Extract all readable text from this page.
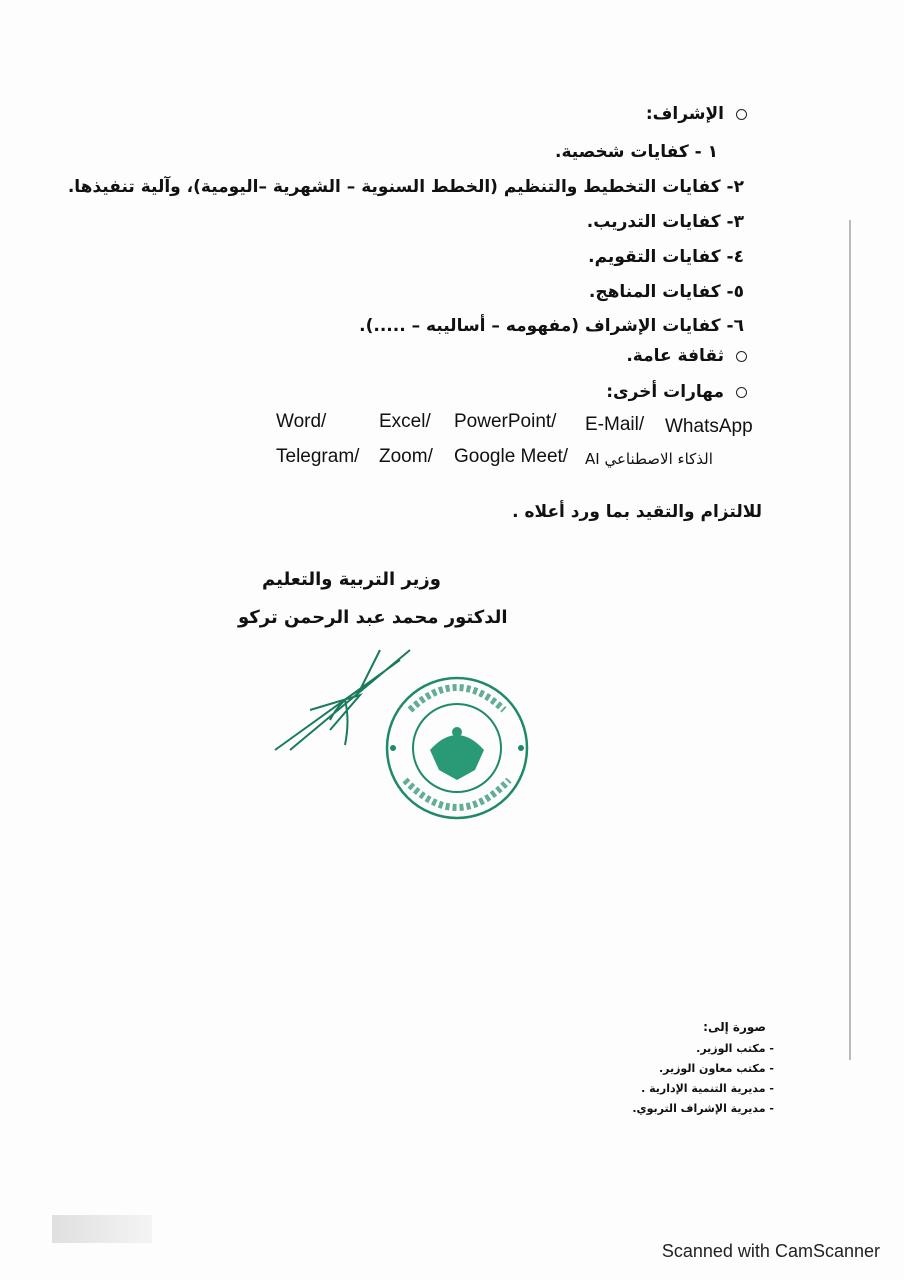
الإشراف:
١ - كفايات شخصية.
٢- كفايات التخطيط والتنظيم (الخطط السنوية – الشهرية –اليومية)، وآلية تنفيذها.
٣- كفايات التدريب.
٤- كفايات التقويم.
٥- كفايات المناهج.
٦- كفايات الإشراف (مفهومه – أساليبه – .....).
ثقافة عامة.
مهارات أخرى:
WhatsApp
E-Mail/
PowerPoint/
Excel/
Word/
الذكاء الاصطناعي AI
Google Meet/
Zoom/
Telegram/
للالتزام والتقيد بما ورد أعلاه .
وزير التربية والتعليم
الدكتور محمد عبد الرحمن تركو
صورة إلى:
- مكتب الوزير.
- مكتب معاون الوزير.
- مديرية التنمية الإدارية .
- مديرية الإشراف التربوي.
Scanned with CamScanner
